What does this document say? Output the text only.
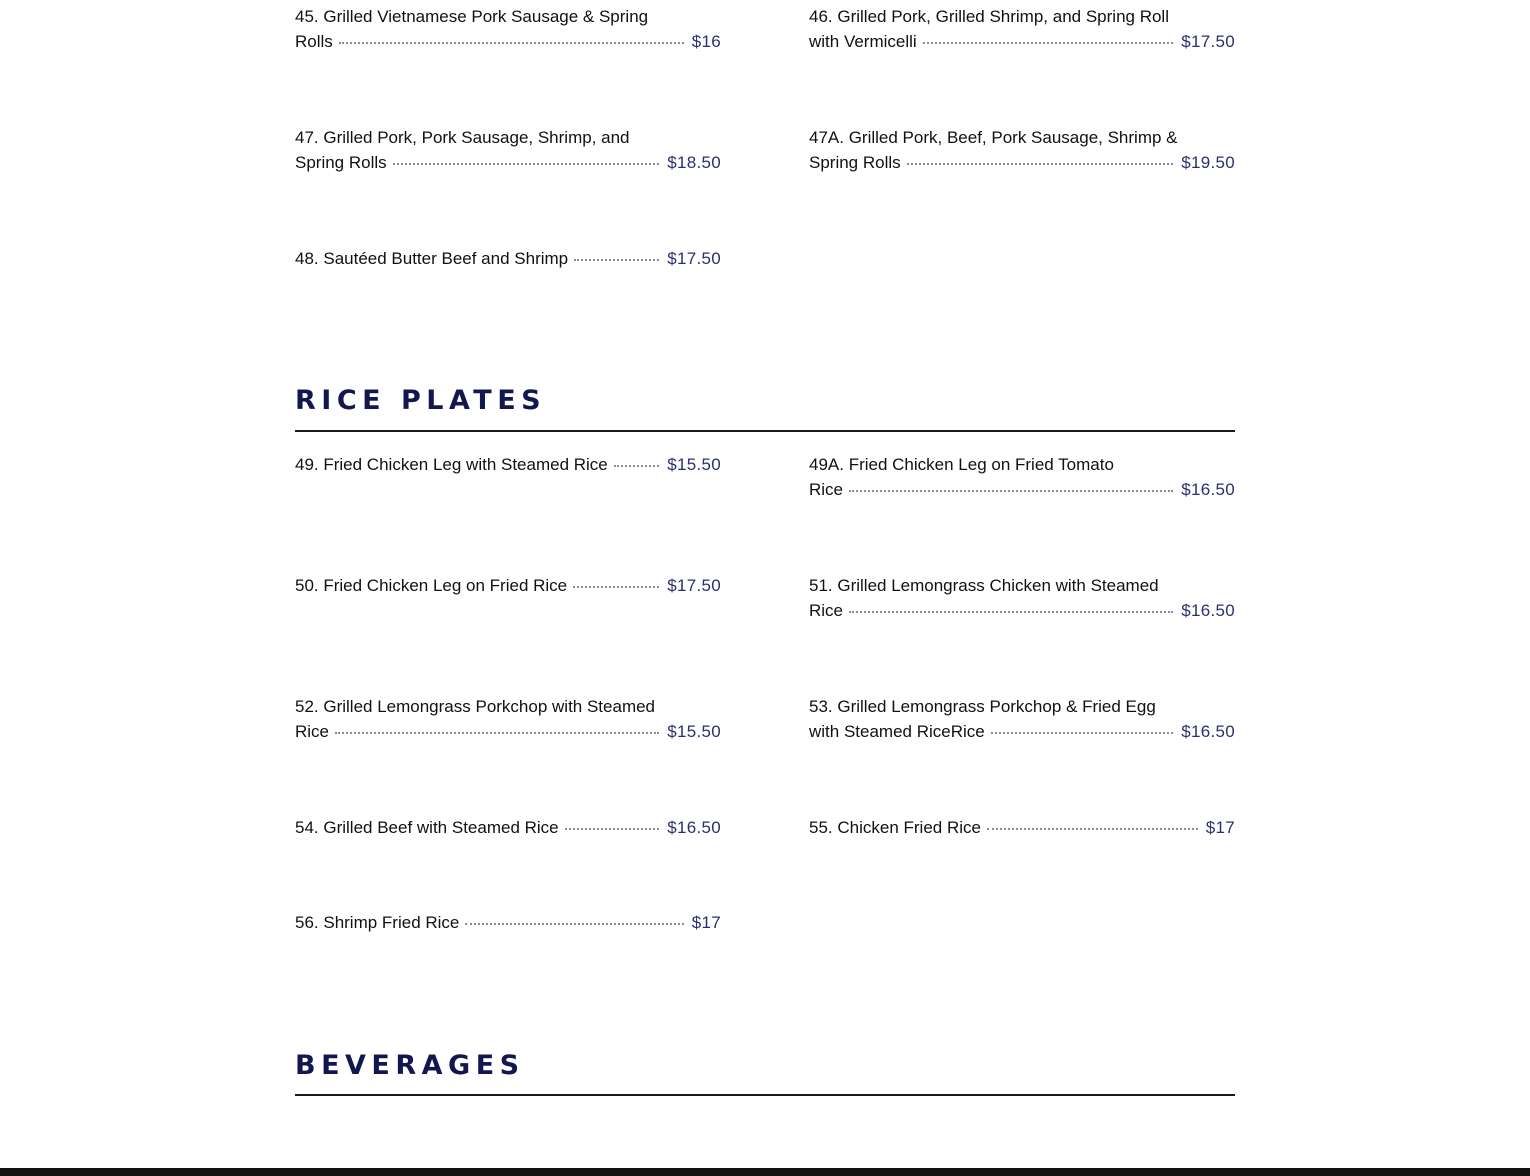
45. Grilled Vietnamese Pork Sausage & Spring
Rolls	$16
46. Grilled Pork, Grilled Shrimp, and Spring Roll
with Vermicelli	$17.50
47. Grilled Pork, Pork Sausage, Shrimp, and
Spring Rolls	$18.50
47A. Grilled Pork, Beef, Pork Sausage, Shrimp &
Spring Rolls	$19.50
48. Sautéed Butter Beef and Shrimp	$17.50
RICE PLATES
49. Fried Chicken Leg with Steamed Rice	$15.50	49A. Fried Chicken Leg on Fried Tomato
Rice	$16.50
50. Fried Chicken Leg on Fried Rice	$17.50	51. Grilled Lemongrass Chicken with Steamed
Rice	$16.50
52. Grilled Lemongrass Porkchop with Steamed
Rice	$15.50
53. Grilled Lemongrass Porkchop & Fried Egg
with Steamed RiceRice	$16.50
54. Grilled Beef with Steamed Rice	$16.50	55. Chicken Fried Rice	$17
56. Shrimp Fried Rice	$17
BEVERAGES
